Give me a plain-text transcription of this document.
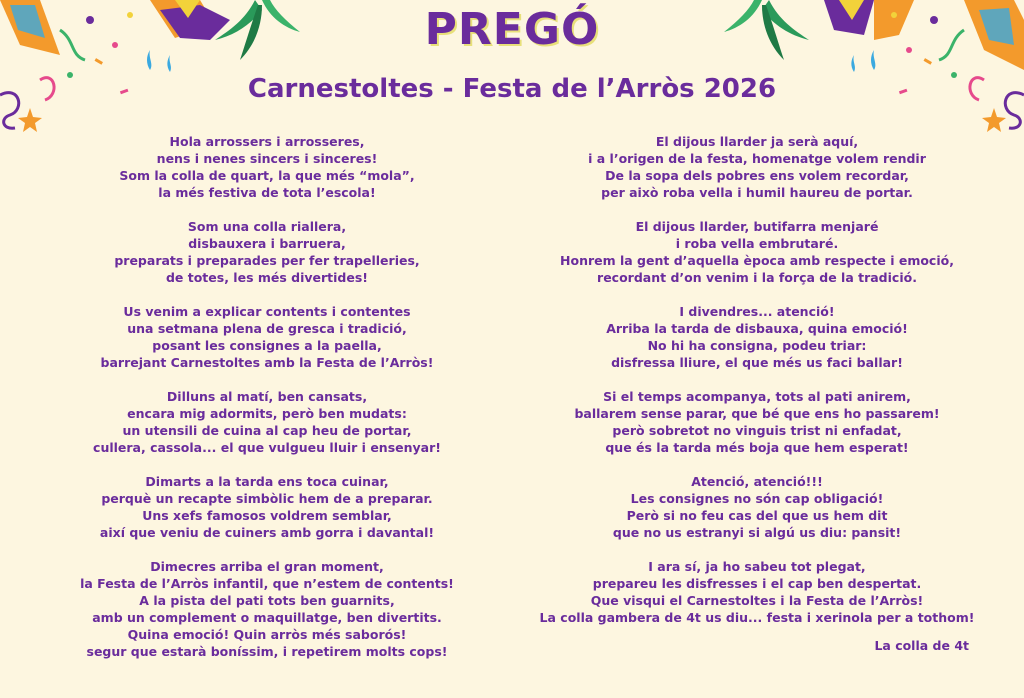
PREGÓ
Carnestoltes - Festa de l’Arròs 2026
Hola arrossers i arrosseres,
nens i nenes sincers i sinceres!
Som la colla de quart, la que més “mola”,
la més festiva de tota l’escola!
Som una colla riallera,
disbauxera i barruera,
preparats i preparades per fer trapelleries,
de totes, les més divertides!
Us venim a explicar contents i contentes
una setmana plena de gresca i tradició,
posant les consignes a la paella,
barrejant Carnestoltes amb la Festa de l’Arròs!
Dilluns al matí, ben cansats,
encara mig adormits, però ben mudats:
un utensili de cuina al cap heu de portar,
cullera, cassola... el que vulgueu lluir i ensenyar!
Dimarts a la tarda ens toca cuinar,
perquè un recapte simbòlic hem de a preparar.
Uns xefs famosos voldrem semblar,
així que veniu de cuiners amb gorra i davantal!
Dimecres arriba el gran moment,
la Festa de l’Arròs infantil, que n’estem de contents!
A la pista del pati tots ben guarnits,
amb un complement o maquillatge, ben divertits.
Quina emoció! Quin arròs més saborós!
segur que estarà boníssim, i repetirem molts cops!
El dijous llarder ja serà aquí,
i a l’origen de la festa, homenatge volem rendir
De la sopa dels pobres ens volem recordar,
per això roba vella i humil haureu de portar.
El dijous llarder, butifarra menjaré
i roba vella embrutaré.
Honrem la gent d’aquella època amb respecte i emoció,
recordant d’on venim i la força de la tradició.
I divendres... atenció!
Arriba la tarda de disbauxa, quina emoció!
No hi ha consigna, podeu triar:
disfressa lliure, el que més us faci ballar!
Si el temps acompanya, tots al pati anirem,
ballarem sense parar, que bé que ens ho passarem!
però sobretot no vinguis trist ni enfadat,
que és la tarda més boja que hem esperat!
Atenció, atenció!!!
Les consignes no són cap obligació!
Però si no feu cas del que us hem dit
que no us estranyi si algú us diu: pansit!
I ara sí, ja ho sabeu tot plegat,
prepareu les disfresses i el cap ben despertat.
Que visqui el Carnestoltes i la Festa de l’Arròs!
La colla gambera de 4t us diu... festa i xerinola per a tothom!
La colla de 4t
